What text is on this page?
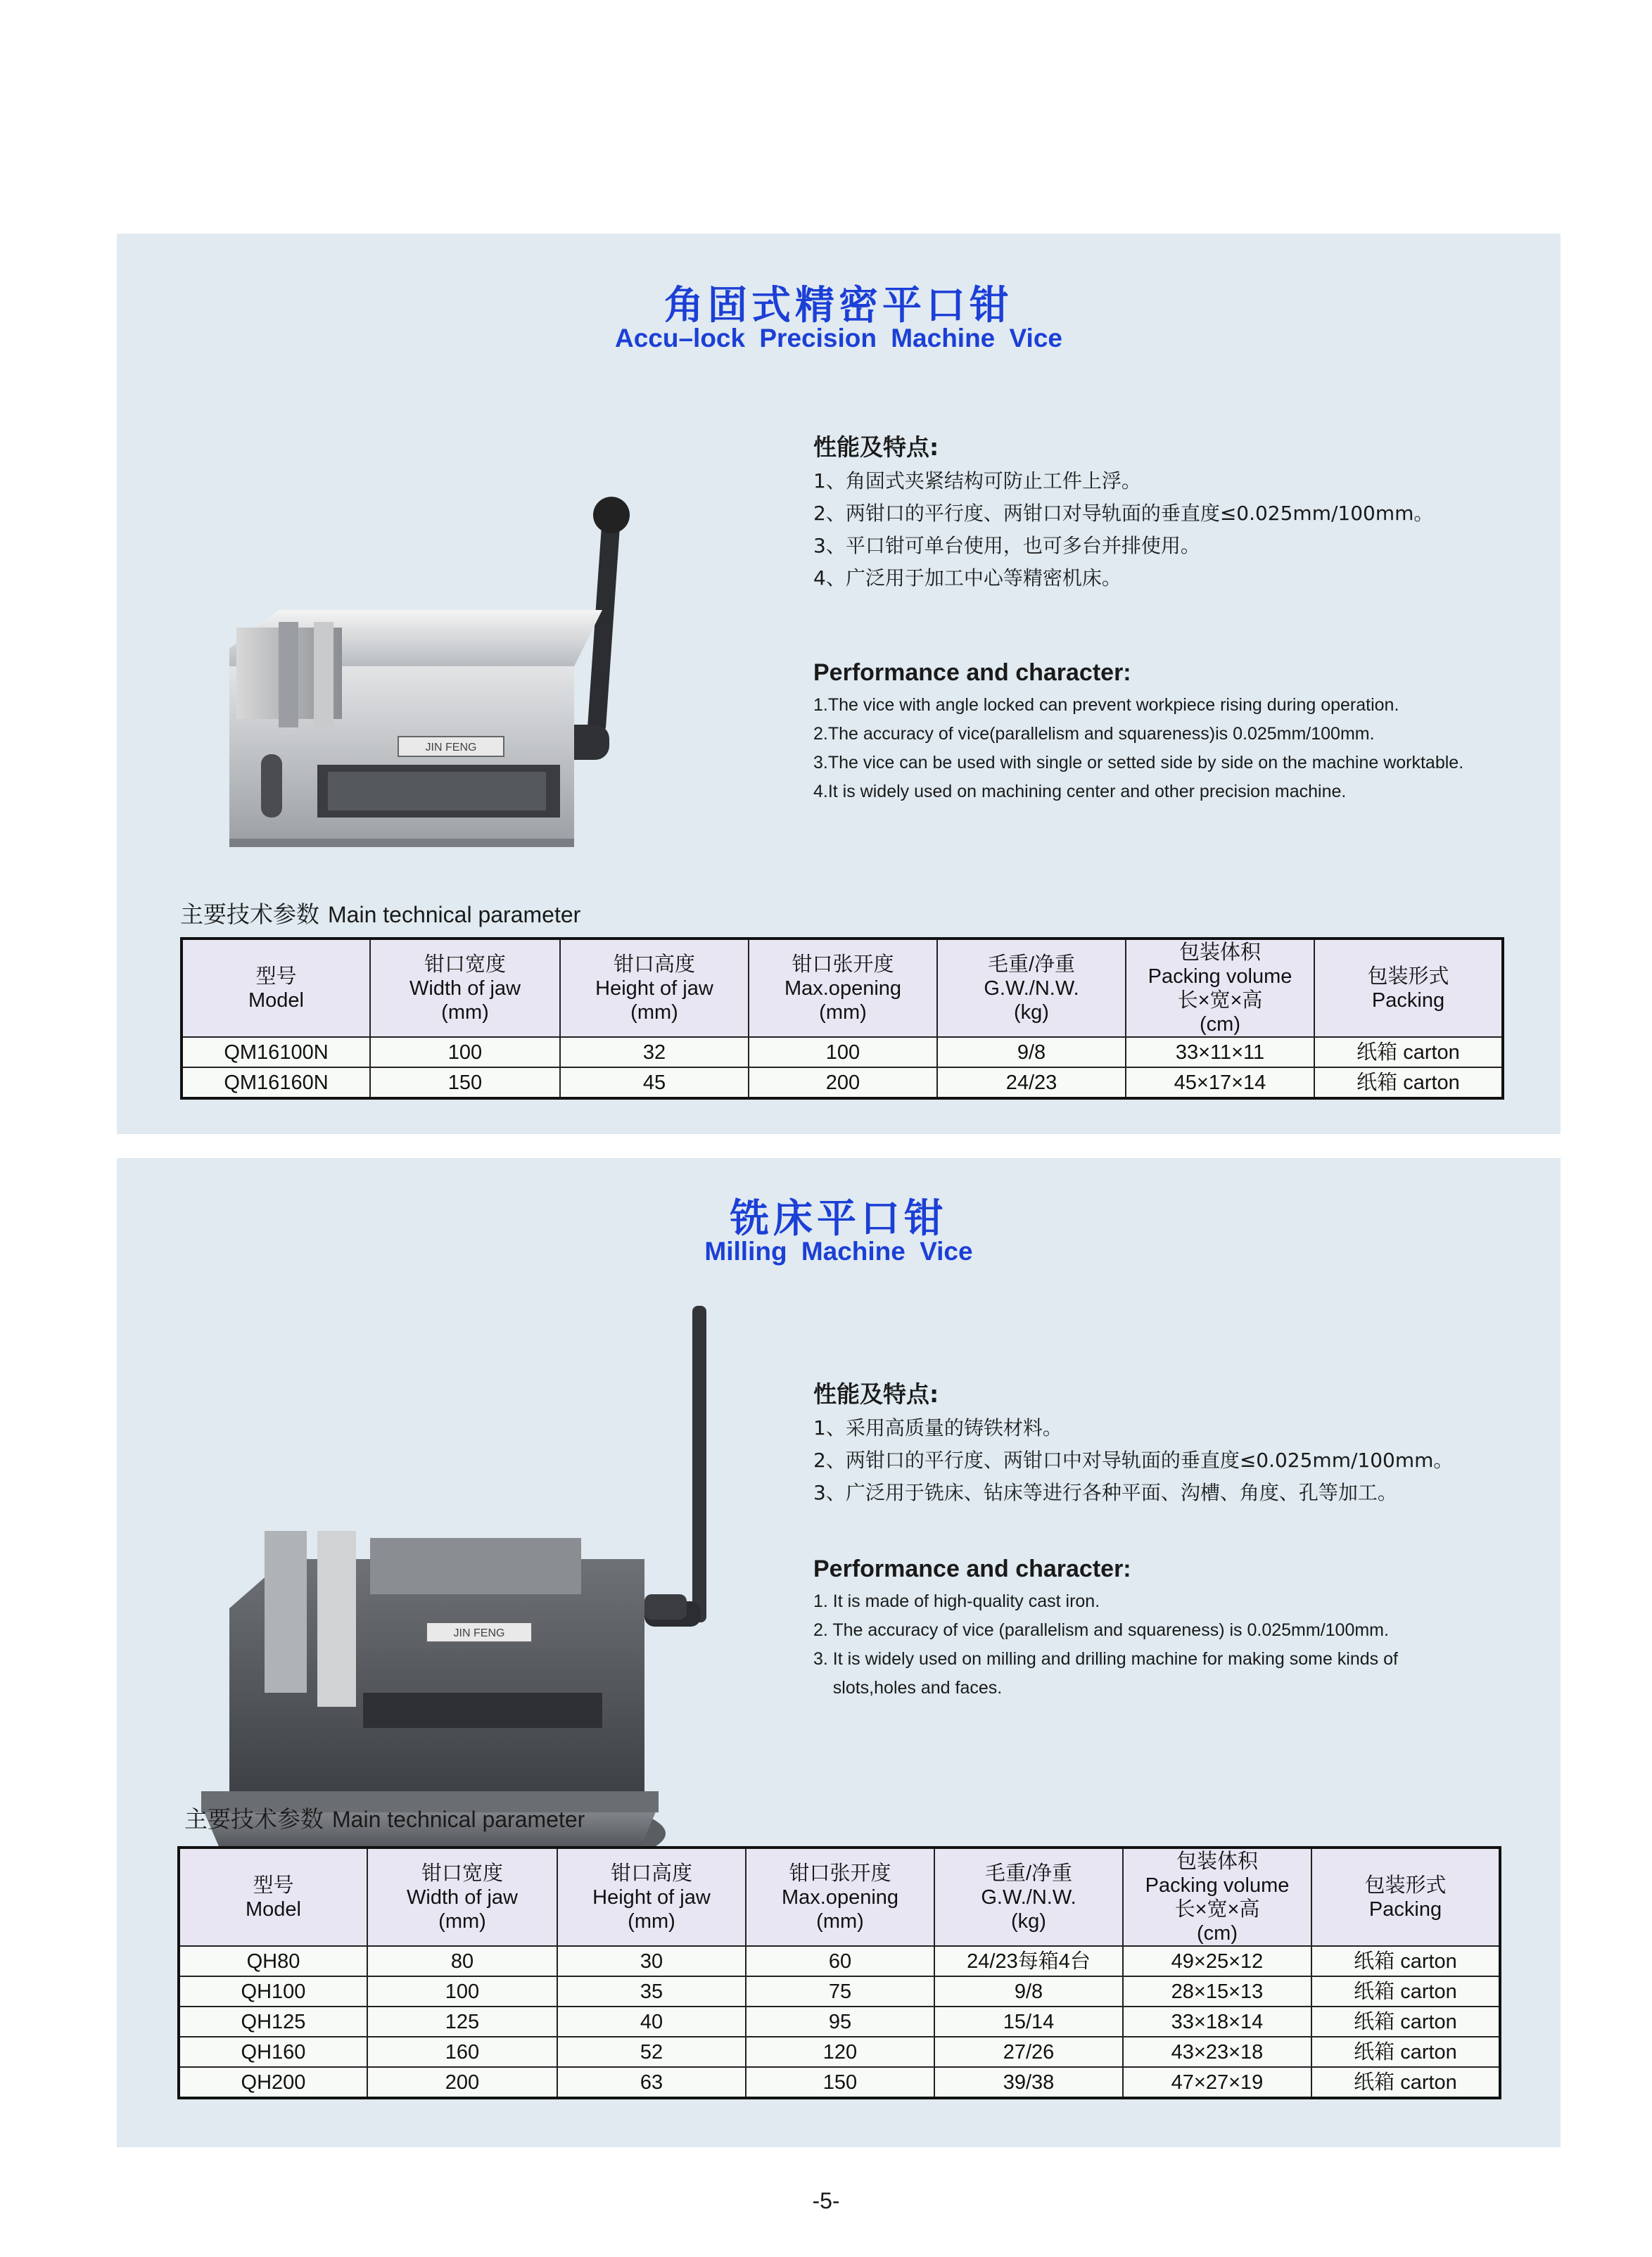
角固式精密平口钳
Accu–lock Precision Machine Vice
JIN FENG
性能及特点:
1、角固式夹紧结构可防止工件上浮。
2、两钳口的平行度、两钳口对导轨面的垂直度≤0.025mm/100mm。
3、平口钳可单台使用，也可多台并排使用。
4、广泛用于加工中心等精密机床。
Performance and character:
1.The vice with angle locked can prevent workpiece rising during operation.
2.The accuracy of vice(parallelism and squareness)is 0.025mm/100mm.
3.The vice can be used with single or setted side by side on the machine worktable.
4.It is widely used on machining center and other precision machine.
主要技术参数 Main technical parameter
型号
Model	钳口宽度
Width of jaw
(mm)	钳口高度
Height of jaw
(mm)	钳口张开度
Max.opening
(mm)	毛重/净重
G.W./N.W.
(kg)	包装体积
Packing volume
长×宽×高
(cm)	包装形式
Packing

QM16100N	100	32	100	9/8	33×11×11	纸箱 carton
QM16160N	150	45	200	24/23	45×17×14	纸箱 carton
铣床平口钳
Milling Machine Vice
JIN FENG
性能及特点:
1、采用高质量的铸铁材料。
2、两钳口的平行度、两钳口中对导轨面的垂直度≤0.025mm/100mm。
3、广泛用于铣床、钻床等进行各种平面、沟槽、角度、孔等加工。
Performance and character:
1. It is made of high-quality cast iron.
2. The accuracy of vice (parallelism and squareness) is 0.025mm/100mm.
3. It is widely used on milling and drilling machine for making some kinds of
slots,holes and faces.
主要技术参数 Main technical parameter
型号
Model	钳口宽度
Width of jaw
(mm)	钳口高度
Height of jaw
(mm)	钳口张开度
Max.opening
(mm)	毛重/净重
G.W./N.W.
(kg)	包装体积
Packing volume
长×宽×高
(cm)	包装形式
Packing

QH80	80	30	60	24/23每箱4台	49×25×12	纸箱 carton
QH100	100	35	75	9/8	28×15×13	纸箱 carton
QH125	125	40	95	15/14	33×18×14	纸箱 carton
QH160	160	52	120	27/26	43×23×18	纸箱 carton
QH200	200	63	150	39/38	47×27×19	纸箱 carton
-5-
